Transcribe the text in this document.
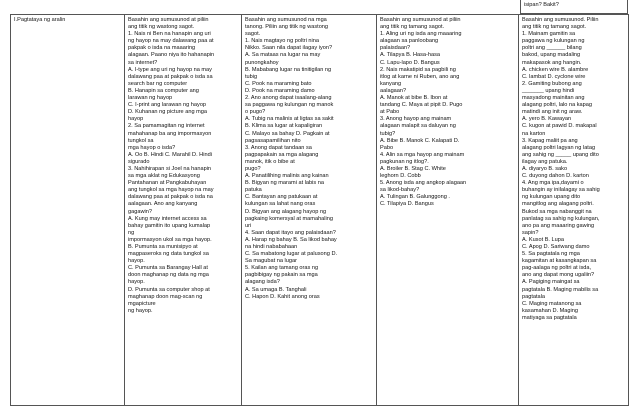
isipan? Bakit?
I.Pagtataya ng aralin	Basahin ang sumusunod at piliin
ang titik ng wastong sagot.
1. Nais ni Ben na hanapin ang uri
ng hayop na may dalawang paa at
pakpak o isda na maaaring
alagaan. Paano niya ito hahanapin
sa internet?
A. I-type ang uri ng hayop na may
dalawang paa at pakpak o isda sa
search bar ng computer
B. Hanapin sa computer ang
larawan ng hayop
C. I-print ang larawan ng hayop
D. Kuhanan ng picture ang mga
hayop
2. Sa pamamagitan ng internet
mahahanap ba ang impormasyon
tungkol sa
mga hayop o isda?
A. Oo B. Hindi C. Marahil D. Hindi
sigurado
3. Nahihirapan si Joel na hanapin
sa mga aklat ng Edukasyong
Pantahanan at Pangkabuhayan
ang tungkol sa mga hayop na may
dalawang paa at pakpak o isda na
aalagaan. Ano ang kanyang
gagawin?
A. Kung may internet access sa
bahay gamitin ito upang kumalap
ng
impormasyon ukol sa mga hayop.
B. Pumunta sa munisipyo at
magpaseroks ng data tungkol sa
hayop.
C. Pumunta sa Barangay Hall at
doon maghanap ng data ng mga
hayop.
D. Pumunta sa computer shop at
maghanap doon mag-scan ng
mgapicture
ng hayop.

Basahin ang sumusunod na mga
tanong. Piliin ang titik ng wastong
sagot.
1. Nais magtayo ng poltri nina
Nikko. Saan nila dapat ilagay iyon?
A. Sa mataas na lugar na may
punongkahoy
B. Mababang lugar na tinitigilan ng
tubig
C. Pook na maraming bato
D. Pook na maraming damo
2. Ano anong dapat isaalang-alang
sa paggawa ng kulungan ng manok
o pugo?
A. Tubig na malinis at ligtas sa sakit
B. Klima sa lugar at kapaligiran
C. Malayo sa bahay D. Pagkain at
pagsasapamilihan nito
3. Anong dapat tandaan sa
pagpapakain sa mga alagang
manok, itik o bibe at
pugo?
A. Panatilihing malinis ang kainan
B. Bigyan ng marami at labis na
patuka
C. Bantayan ang patukaan at
kulungan sa lahat nang oras
D. Bigyan ang alagang hayop ng
pagkaing komersyal at mamahaling
uri
4. Saan dapat itayo ang palaisdaan?
A. Harap ng bahay B. Sa likod bahay
na hindi nababahaan
C. Sa mabatong lugar at palusong D.
Sa magubat na lugar
5. Kailan ang tamang oras ng
pagbibigay ng pakain sa mga
alagang isda?
A. Sa umaga B. Tanghali
C. Hapon D. Kahit anong oras

Basahin ang sumusunod at piliin
ang titik ng tamang sagot.
1. Aling uri ng isda ang maaaring
alagaan sa panloobang
palaisdaan?
A. Tilapya B. Hasa-hasa
C. Lapu-lapo D. Bangus
2. Nais makatipid sa pagbili ng
itlog at karne ni Ruben, ano ang
kanyang
aalagaan?
A. Manok at bibe B. Ibon at
tandang C. Maya at pipit D. Pugo
at Pabo
3. Anong hayop ang mainam
alagaan malapit sa daluyan ng
tubig?
A. Bibe B. Manok C. Kalapati D.
Pabo
4. Alin sa mga hayop ang mainam
pagkunan ng itlog?.
A. Broiler B. Stag C. White
leghorn D. Cobb
5. Anong isda ang angkop alagaan
sa likod-bahay?
A. Tulingan B. Galunggong .
C. Tilapiya D. Bangus

Basahin ang sumusunod. Piliin
ang titik ng tamang sagot.
1. Mainam gamitin sa
paggawa ng kulungan ng
poltri ang ______ bilang
bakod, upang madaling
makapasok ang hangin.
A. chicken wire B. alambre
C. lambat D. cyclone wire
2. Gamiting bubong ang
_______ upang hindi
masyadong mainitan ang
alagang poltri, lalo na kapag
matindi ang init ng araw.
A. yero B. Kawayan
C. kugon at pawid D. makapal
na karton
3. Kapag maliit pa ang
alagang poltri lagyan ng latag
ang sahig ng _____ upang dito
ilagay ang patuka.
A. diyaryo B. sako
C. duyong dahon D. karton
4. Ang mga ipa,dayami o
buhangin ay inilalagay sa sahig
ng kulungan upang dito
mangitlog ang alagang poltri.
Bukod sa mga nabanggit na
panlatag sa sahig ng kulungan,
ano pa ang maaaring gawing
sapin?
A. Kusot B. Lupa
C. Apog D. Sariwang damo
5. Sa pagtatala ng mga
kagamitan at kasangkapan sa
pag-aalaga ng poltri at isda,
ano ang dapat mong ugaliin?
A. Pagiging maingat sa
pagtatala B. Maging mabilis sa
pagtatala
C. Maging matanong sa
kasamahan D. Maging
matiyaga sa pagtatala
